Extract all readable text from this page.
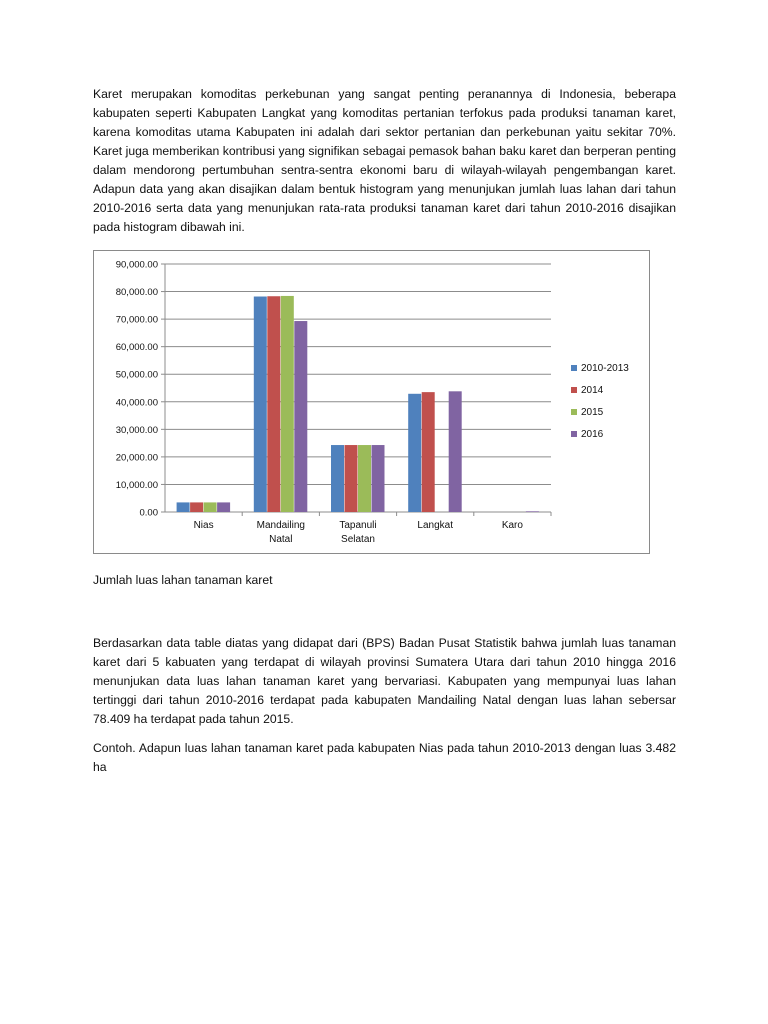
Karet merupakan komoditas perkebunan yang sangat penting peranannya di Indonesia, beberapa kabupaten seperti Kabupaten Langkat yang komoditas pertanian terfokus pada produksi tanaman karet, karena komoditas utama Kabupaten ini adalah dari sektor pertanian dan perkebunan yaitu sekitar 70%. Karet juga memberikan kontribusi yang signifikan sebagai pemasok bahan baku karet dan berperan penting dalam mendorong pertumbuhan sentra-sentra ekonomi baru di wilayah-wilayah pengembangan karet. Adapun data yang akan disajikan dalam bentuk histogram yang menunjukan jumlah luas lahan dari tahun 2010-2016 serta data yang menunjukan rata-rata produksi tanaman karet dari tahun 2010-2016 disajikan pada histogram dibawah ini.

0.00
10,000.00
20,000.00
30,000.00
40,000.00
50,000.00
60,000.00
70,000.00
80,000.00
90,000.00
Nias	Mandailing
Natal
Tapanuli
Selatan
Langkat	Karo
2010-2013
2014
2015
2016

Jumlah luas lahan tanaman karet

Berdasarkan data table diatas yang didapat dari (BPS) Badan Pusat Statistik bahwa jumlah luas tanaman karet dari 5 kabuaten yang terdapat di wilayah provinsi Sumatera Utara dari tahun 2010 hingga 2016 menunjukan data luas lahan tanaman karet yang bervariasi. Kabupaten yang mempunyai luas lahan tertinggi dari tahun 2010-2016 terdapat pada kabupaten Mandailing Natal dengan luas lahan sebersar 78.409 ha terdapat pada tahun 2015.

Contoh. Adapun luas lahan tanaman karet pada kabupaten Nias pada tahun 2010-2013 dengan luas 3.482 ha
